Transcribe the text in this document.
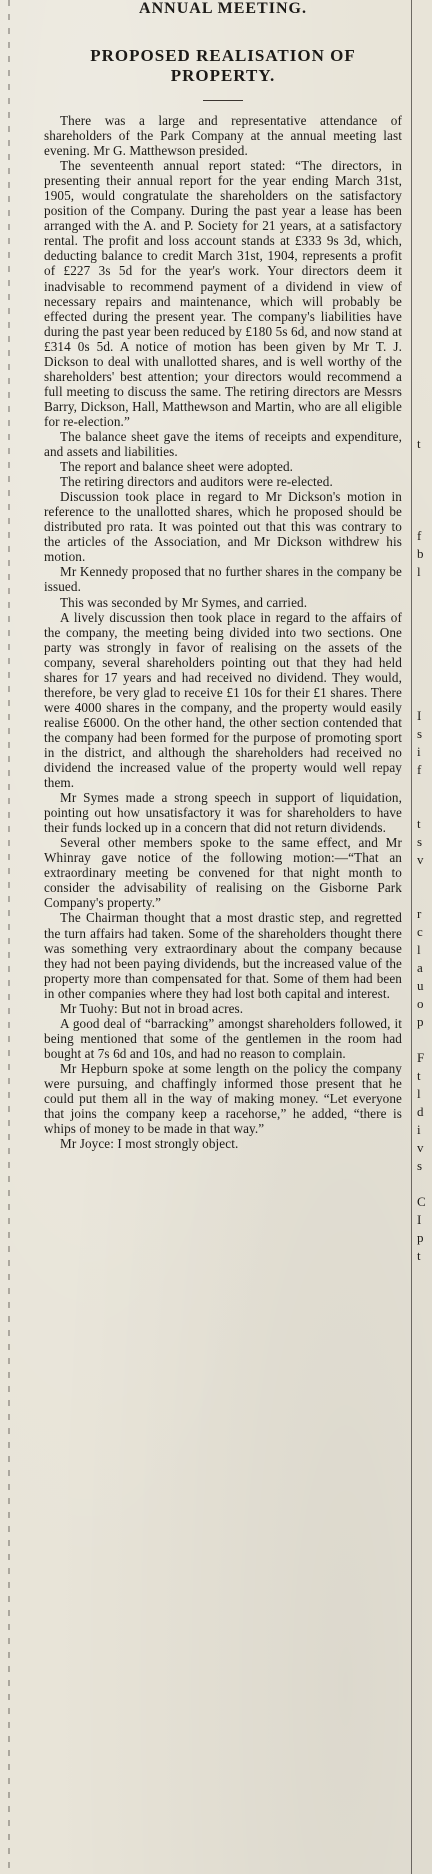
ANNUAL MEETING.
PROPOSED REALISATION OF
PROPERTY.

There was a large and representative attendance of shareholders of the Park Company at the annual meeting last evening. Mr G. Matthewson presided.

The seventeenth annual report stated: “The directors, in presenting their annual report for the year ending March 31st, 1905, would congratulate the shareholders on the satisfactory position of the Company. During the past year a lease has been arranged with the A. and P. Society for 21 years, at a satisfactory rental. The profit and loss account stands at £333 9s 3d, which, deducting balance to credit March 31st, 1904, represents a profit of £227 3s 5d for the year's work. Your directors deem it inadvisable to recommend payment of a dividend in view of necessary repairs and maintenance, which will probably be effected during the present year. The company's liabilities have during the past year been reduced by £180 5s 6d, and now stand at £314 0s 5d. A notice of motion has been given by Mr T. J. Dickson to deal with unallotted shares, and is well worthy of the shareholders' best attention; your directors would recommend a full meeting to discuss the same. The retiring directors are Messrs Barry, Dickson, Hall, Matthewson and Martin, who are all eligible for re-election.”

The balance sheet gave the items of receipts and expenditure, and assets and liabilities.

The report and balance sheet were adopted.

The retiring directors and auditors were re-elected.

Discussion took place in regard to Mr Dickson's motion in reference to the unallotted shares, which he proposed should be distributed pro rata. It was pointed out that this was contrary to the articles of the Association, and Mr Dickson withdrew his motion.

Mr Kennedy proposed that no further shares in the company be issued.

This was seconded by Mr Symes, and carried.

A lively discussion then took place in regard to the affairs of the company, the meeting being divided into two sections. One party was strongly in favor of realising on the assets of the company, several shareholders pointing out that they had held shares for 17 years and had received no dividend. They would, therefore, be very glad to receive £1 10s for their £1 shares. There were 4000 shares in the company, and the property would easily realise £6000. On the other hand, the other section contended that the company had been formed for the purpose of promoting sport in the district, and although the shareholders had received no dividend the increased value of the property would well repay them.

Mr Symes made a strong speech in support of liquidation, pointing out how unsatisfactory it was for shareholders to have their funds locked up in a concern that did not return dividends.

Several other members spoke to the same effect, and Mr Whinray gave notice of the following motion:—“That an extraordinary meeting be convened for that night month to consider the advisability of realising on the Gisborne Park Company's property.”

The Chairman thought that a most drastic step, and regretted the turn affairs had taken. Some of the shareholders thought there was something very extraordinary about the company because they had not been paying dividends, but the increased value of the property more than compensated for that. Some of them had been in other companies where they had lost both capital and interest.

Mr Tuohy: But not in broad acres.

A good deal of “barracking” amongst shareholders followed, it being mentioned that some of the gentlemen in the room had bought at 7s 6d and 10s, and had no reason to complain.

Mr Hepburn spoke at some length on the policy the company were pursuing, and chaffingly informed those present that he could put them all in the way of making money. “Let everyone that joins the company keep a racehorse,” he added, “there is whips of money to be made in that way.”

Mr Joyce: I most strongly object.

t
f
b
l
I
s
i
f
t
s
v
r
c
l
a
u
o
p
F
t
l
d
i
v
s
C
I
p
t
